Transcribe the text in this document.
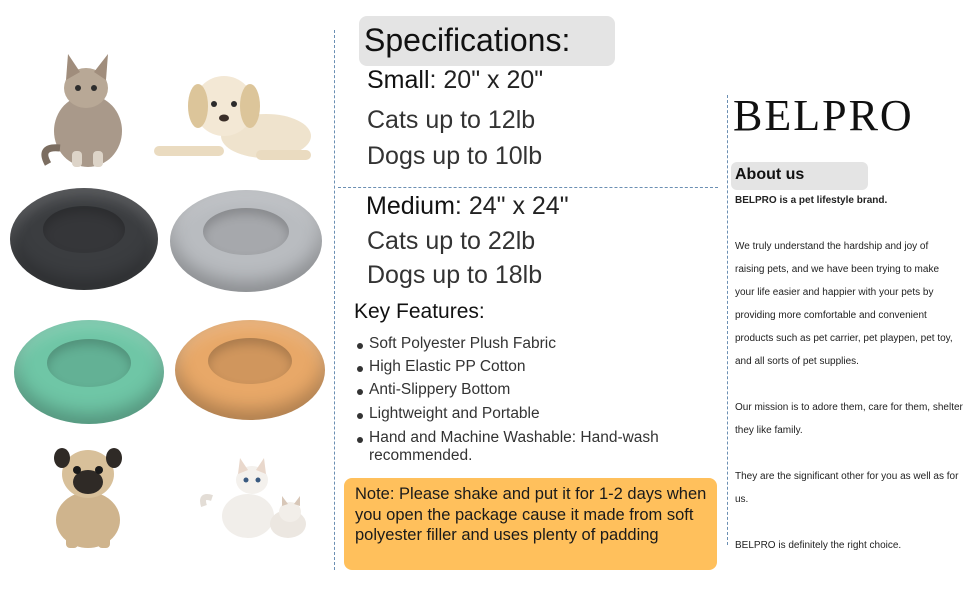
Specifications:
Small: 20" x 20"
Cats up to 12lb
Dogs up to 10lb
Medium: 24" x 24"
Cats up to 22lb
Dogs up to 18lb
Key Features:
Soft Polyester Plush Fabric
High Elastic PP Cotton
Anti-Slippery Bottom
Lightweight and Portable
Hand and Machine Washable: Hand-wash recommended.
Note: Please shake and put it for 1-2 days when you open the package cause it made from soft polyester filler and uses plenty of padding
BELPRO
About us
BELPRO is a pet lifestyle brand.
We truly understand the hardship and joy of
raising pets, and we have been trying to make
your life easier and happier with your pets by
providing more comfortable and convenient
products such as pet carrier, pet playpen, pet toy,
and all sorts of pet supplies.
Our mission is to adore them, care for them, shelter
they like family.
They are the significant other for you as well as for
us.
BELPRO is definitely the right choice.
